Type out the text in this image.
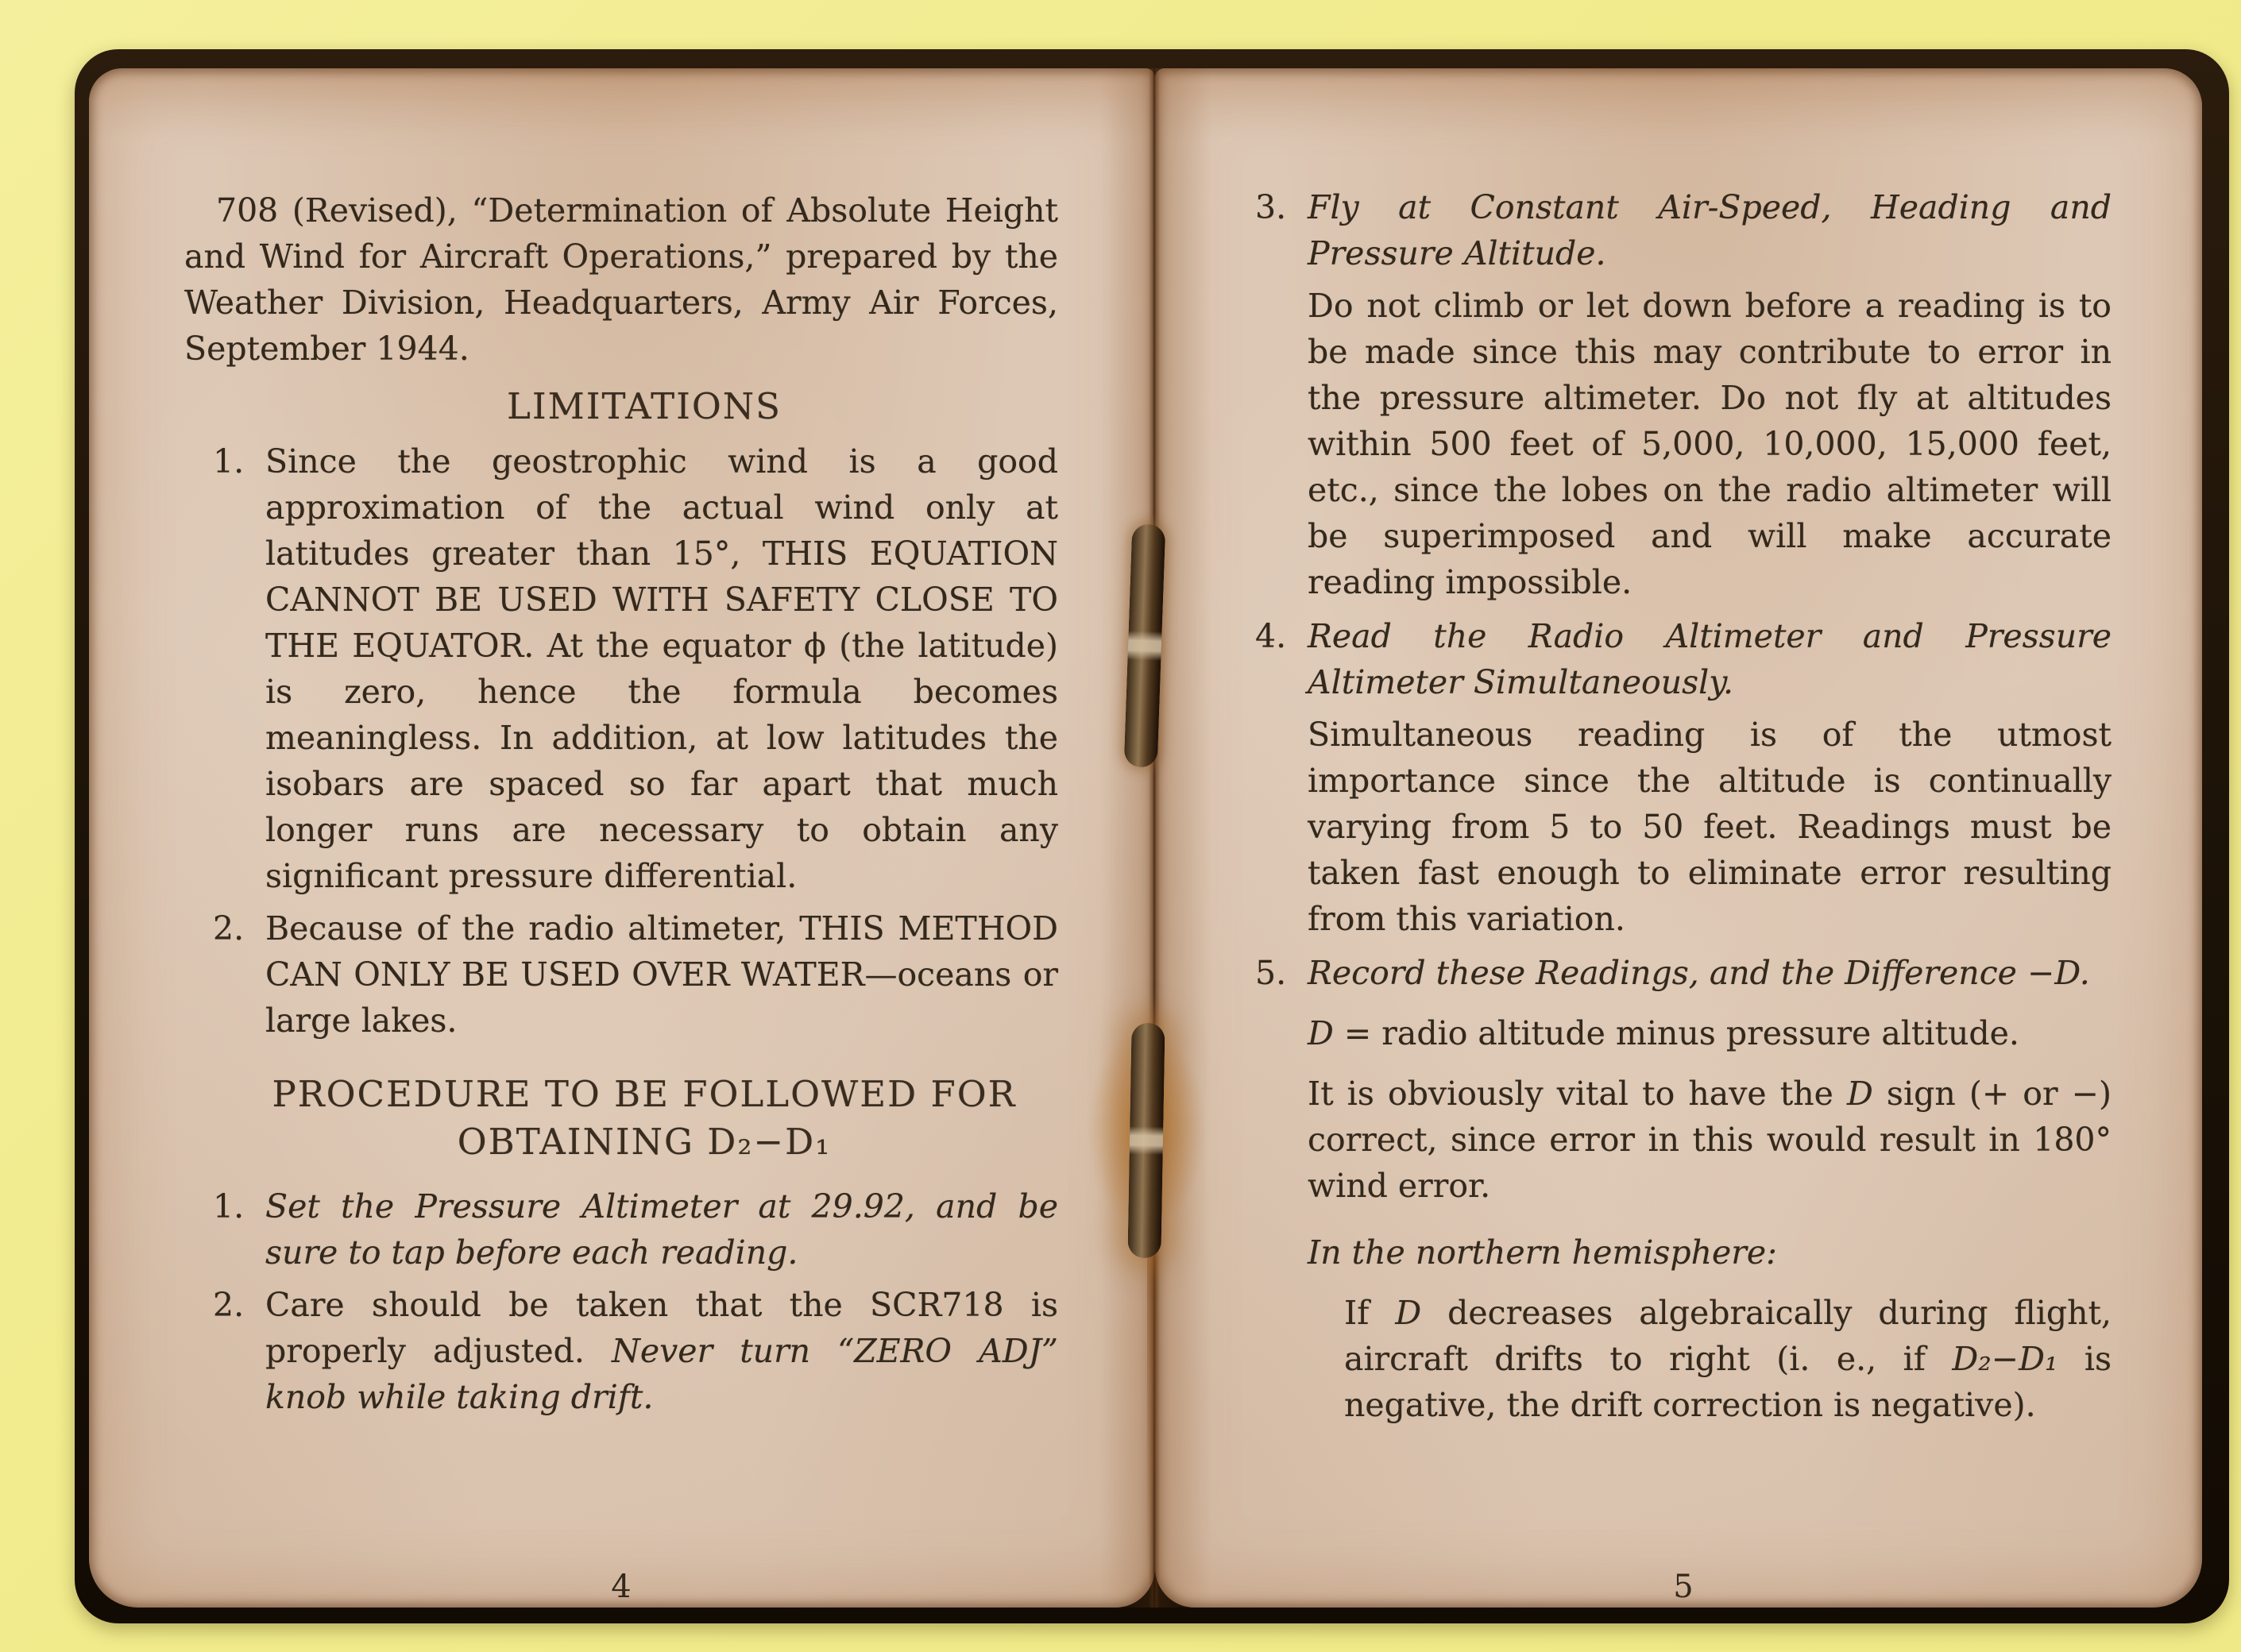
708 (Revised), “Determination of Absolute Height and Wind for Aircraft Operations,” prepared by the Weather Division, Headquarters, Army Air Forces, September 1944.

LIMITATIONS
1. Since the geostrophic wind is a good approximation of the actual wind only at latitudes greater than 15°, THIS EQUATION CANNOT BE USED WITH SAFETY CLOSE TO THE EQUATOR. At the equator ϕ (the latitude) is zero, hence the formula becomes meaningless. In addition, at low latitudes the isobars are spaced so far apart that much longer runs are necessary to obtain any significant pressure differential.

2. Because of the radio altimeter, THIS METHOD CAN ONLY BE USED OVER WATER—oceans or large lakes.

PROCEDURE TO BE FOLLOWED FOR
OBTAINING D₂−D₁
1. Set the Pressure Altimeter at 29.92, and be sure to tap before each reading.

2. Care should be taken that the SCR718 is properly adjusted. Never turn “ZERO ADJ” knob while taking drift.

4
3. Fly at Constant Air-Speed, Heading and Pressure Altitude.

Do not climb or let down before a reading is to be made since this may contribute to error in the pressure altimeter. Do not fly at altitudes within 500 feet of 5,000, 10,000, 15,000 feet, etc., since the lobes on the radio altimeter will be superimposed and will make accurate reading impossible.

4. Read the Radio Altimeter and Pressure Altimeter Simultaneously.

Simultaneous reading is of the utmost importance since the altitude is continually varying from 5 to 50 feet. Readings must be taken fast enough to eliminate error resulting from this variation.

5. Record these Readings, and the Difference −D.

D = radio altitude minus pressure altitude.

It is obviously vital to have the D sign (+ or −) correct, since error in this would result in 180° wind error.

In the northern hemisphere:

If D decreases algebraically during flight, aircraft drifts to right (i. e., if D₂−D₁ is negative, the drift correction is negative).

5
